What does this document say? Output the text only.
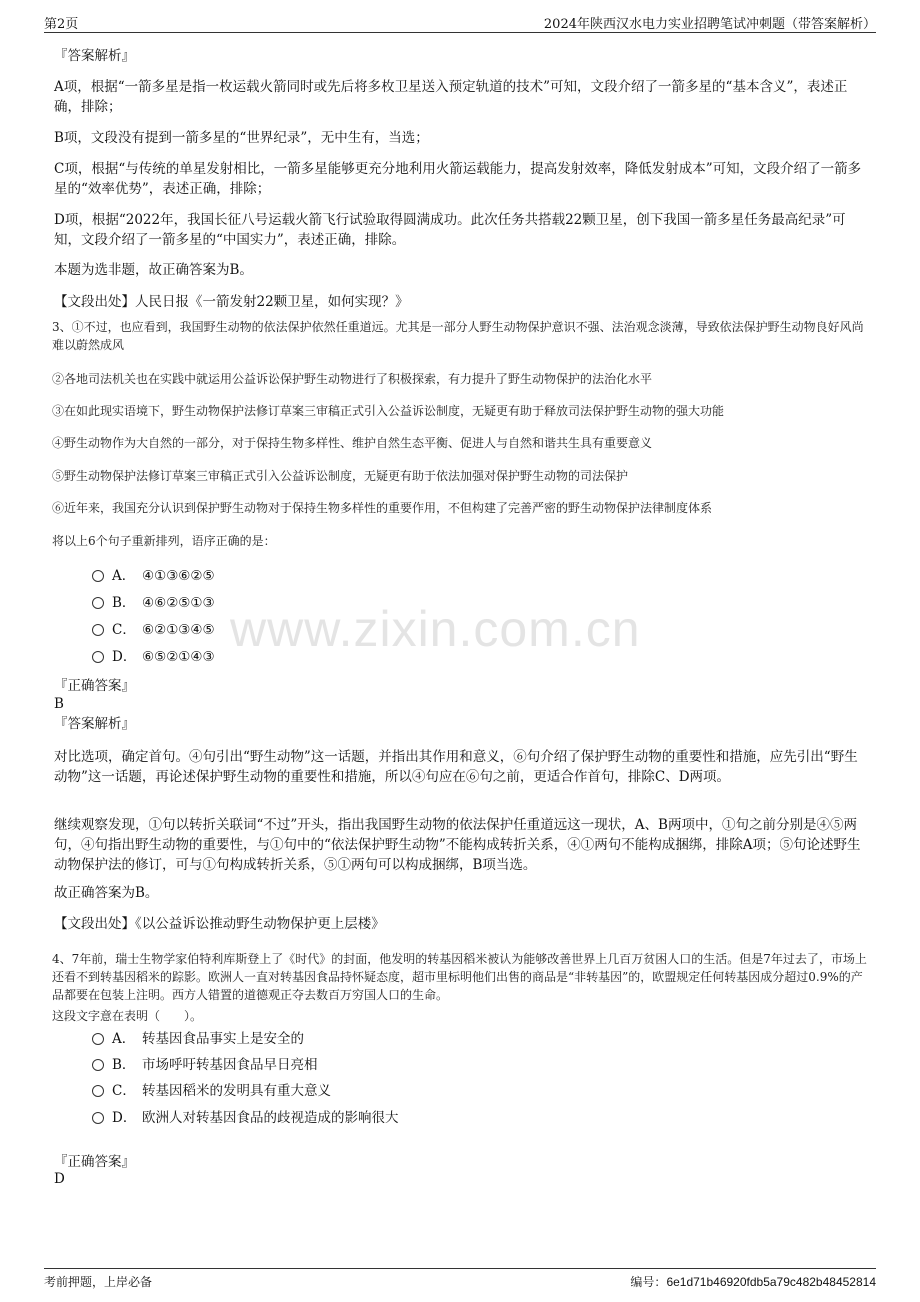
第2页	2024年陕西汉水电力实业招聘笔试冲刺题（带答案解析）
www.zixin.com.cn
『答案解析』
A项，根据“一箭多星是指一枚运载火箭同时或先后将多枚卫星送入预定轨道的技术”可知，文段介绍了一箭多星的“基本含义”，表述正确，排除；
B项，文段没有提到一箭多星的“世界纪录”，无中生有，当选；
C项，根据“与传统的单星发射相比，一箭多星能够更充分地利用火箭运载能力，提高发射效率，降低发射成本”可知，文段介绍了一箭多星的“效率优势”，表述正确，排除；
D项，根据“2022年，我国长征八号运载火箭飞行试验取得圆满成功。此次任务共搭载22颗卫星，创下我国一箭多星任务最高纪录”可知，文段介绍了一箭多星的“中国实力”，表述正确，排除。
本题为选非题，故正确答案为B。
【文段出处】人民日报《一箭发射22颗卫星，如何实现？》
3、①不过，也应看到，我国野生动物的依法保护依然任重道远。尤其是一部分人野生动物保护意识不强、法治观念淡薄，导致依法保护野生动物良好风尚难以蔚然成风
②各地司法机关也在实践中就运用公益诉讼保护野生动物进行了积极探索，有力提升了野生动物保护的法治化水平
③在如此现实语境下，野生动物保护法修订草案三审稿正式引入公益诉讼制度，无疑更有助于释放司法保护野生动物的强大功能
④野生动物作为大自然的一部分，对于保持生物多样性、维护自然生态平衡、促进人与自然和谐共生具有重要意义
⑤野生动物保护法修订草案三审稿正式引入公益诉讼制度，无疑更有助于依法加强对保护野生动物的司法保护
⑥近年来，我国充分认识到保护野生动物对于保持生物多样性的重要作用，不但构建了完善严密的野生动物保护法律制度体系
将以上6个句子重新排列，语序正确的是：
A． ④①③⑥②⑤
B． ④⑥②⑤①③
C． ⑥②①③④⑤
D． ⑥⑤②①④③
『正确答案』
B
『答案解析』
对比选项，确定首句。④句引出“野生动物”这一话题，并指出其作用和意义，⑥句介绍了保护野生动物的重要性和措施，应先引出“野生动物”这一话题，再论述保护野生动物的重要性和措施，所以④句应在⑥句之前，更适合作首句，排除C、D两项。
继续观察发现，①句以转折关联词“不过”开头，指出我国野生动物的依法保护任重道远这一现状，A、B两项中，①句之前分别是④⑤两句，④句指出野生动物的重要性，与①句中的“依法保护野生动物”不能构成转折关系，④①两句不能构成捆绑，排除A项；⑤句论述野生动物保护法的修订，可与①句构成转折关系，⑤①两句可以构成捆绑，B项当选。
故正确答案为B。
【文段出处】《以公益诉讼推动野生动物保护更上层楼》
4、7年前，瑞士生物学家伯特利库斯登上了《时代》的封面，他发明的转基因稻米被认为能够改善世界上几百万贫困人口的生活。但是7年过去了，市场上还看不到转基因稻米的踪影。欧洲人一直对转基因食品持怀疑态度，超市里标明他们出售的商品是“非转基因”的，欧盟规定任何转基因成分超过0.9%的产品都要在包装上注明。西方人错置的道德观正夺去数百万穷国人口的生命。
这段文字意在表明（　　）。
A． 转基因食品事实上是安全的
B． 市场呼吁转基因食品早日亮相
C． 转基因稻米的发明具有重大意义
D． 欧洲人对转基因食品的歧视造成的影响很大
『正确答案』
D
考前押题，上岸必备	编号：6e1d71b46920fdb5a79c482b48452814
